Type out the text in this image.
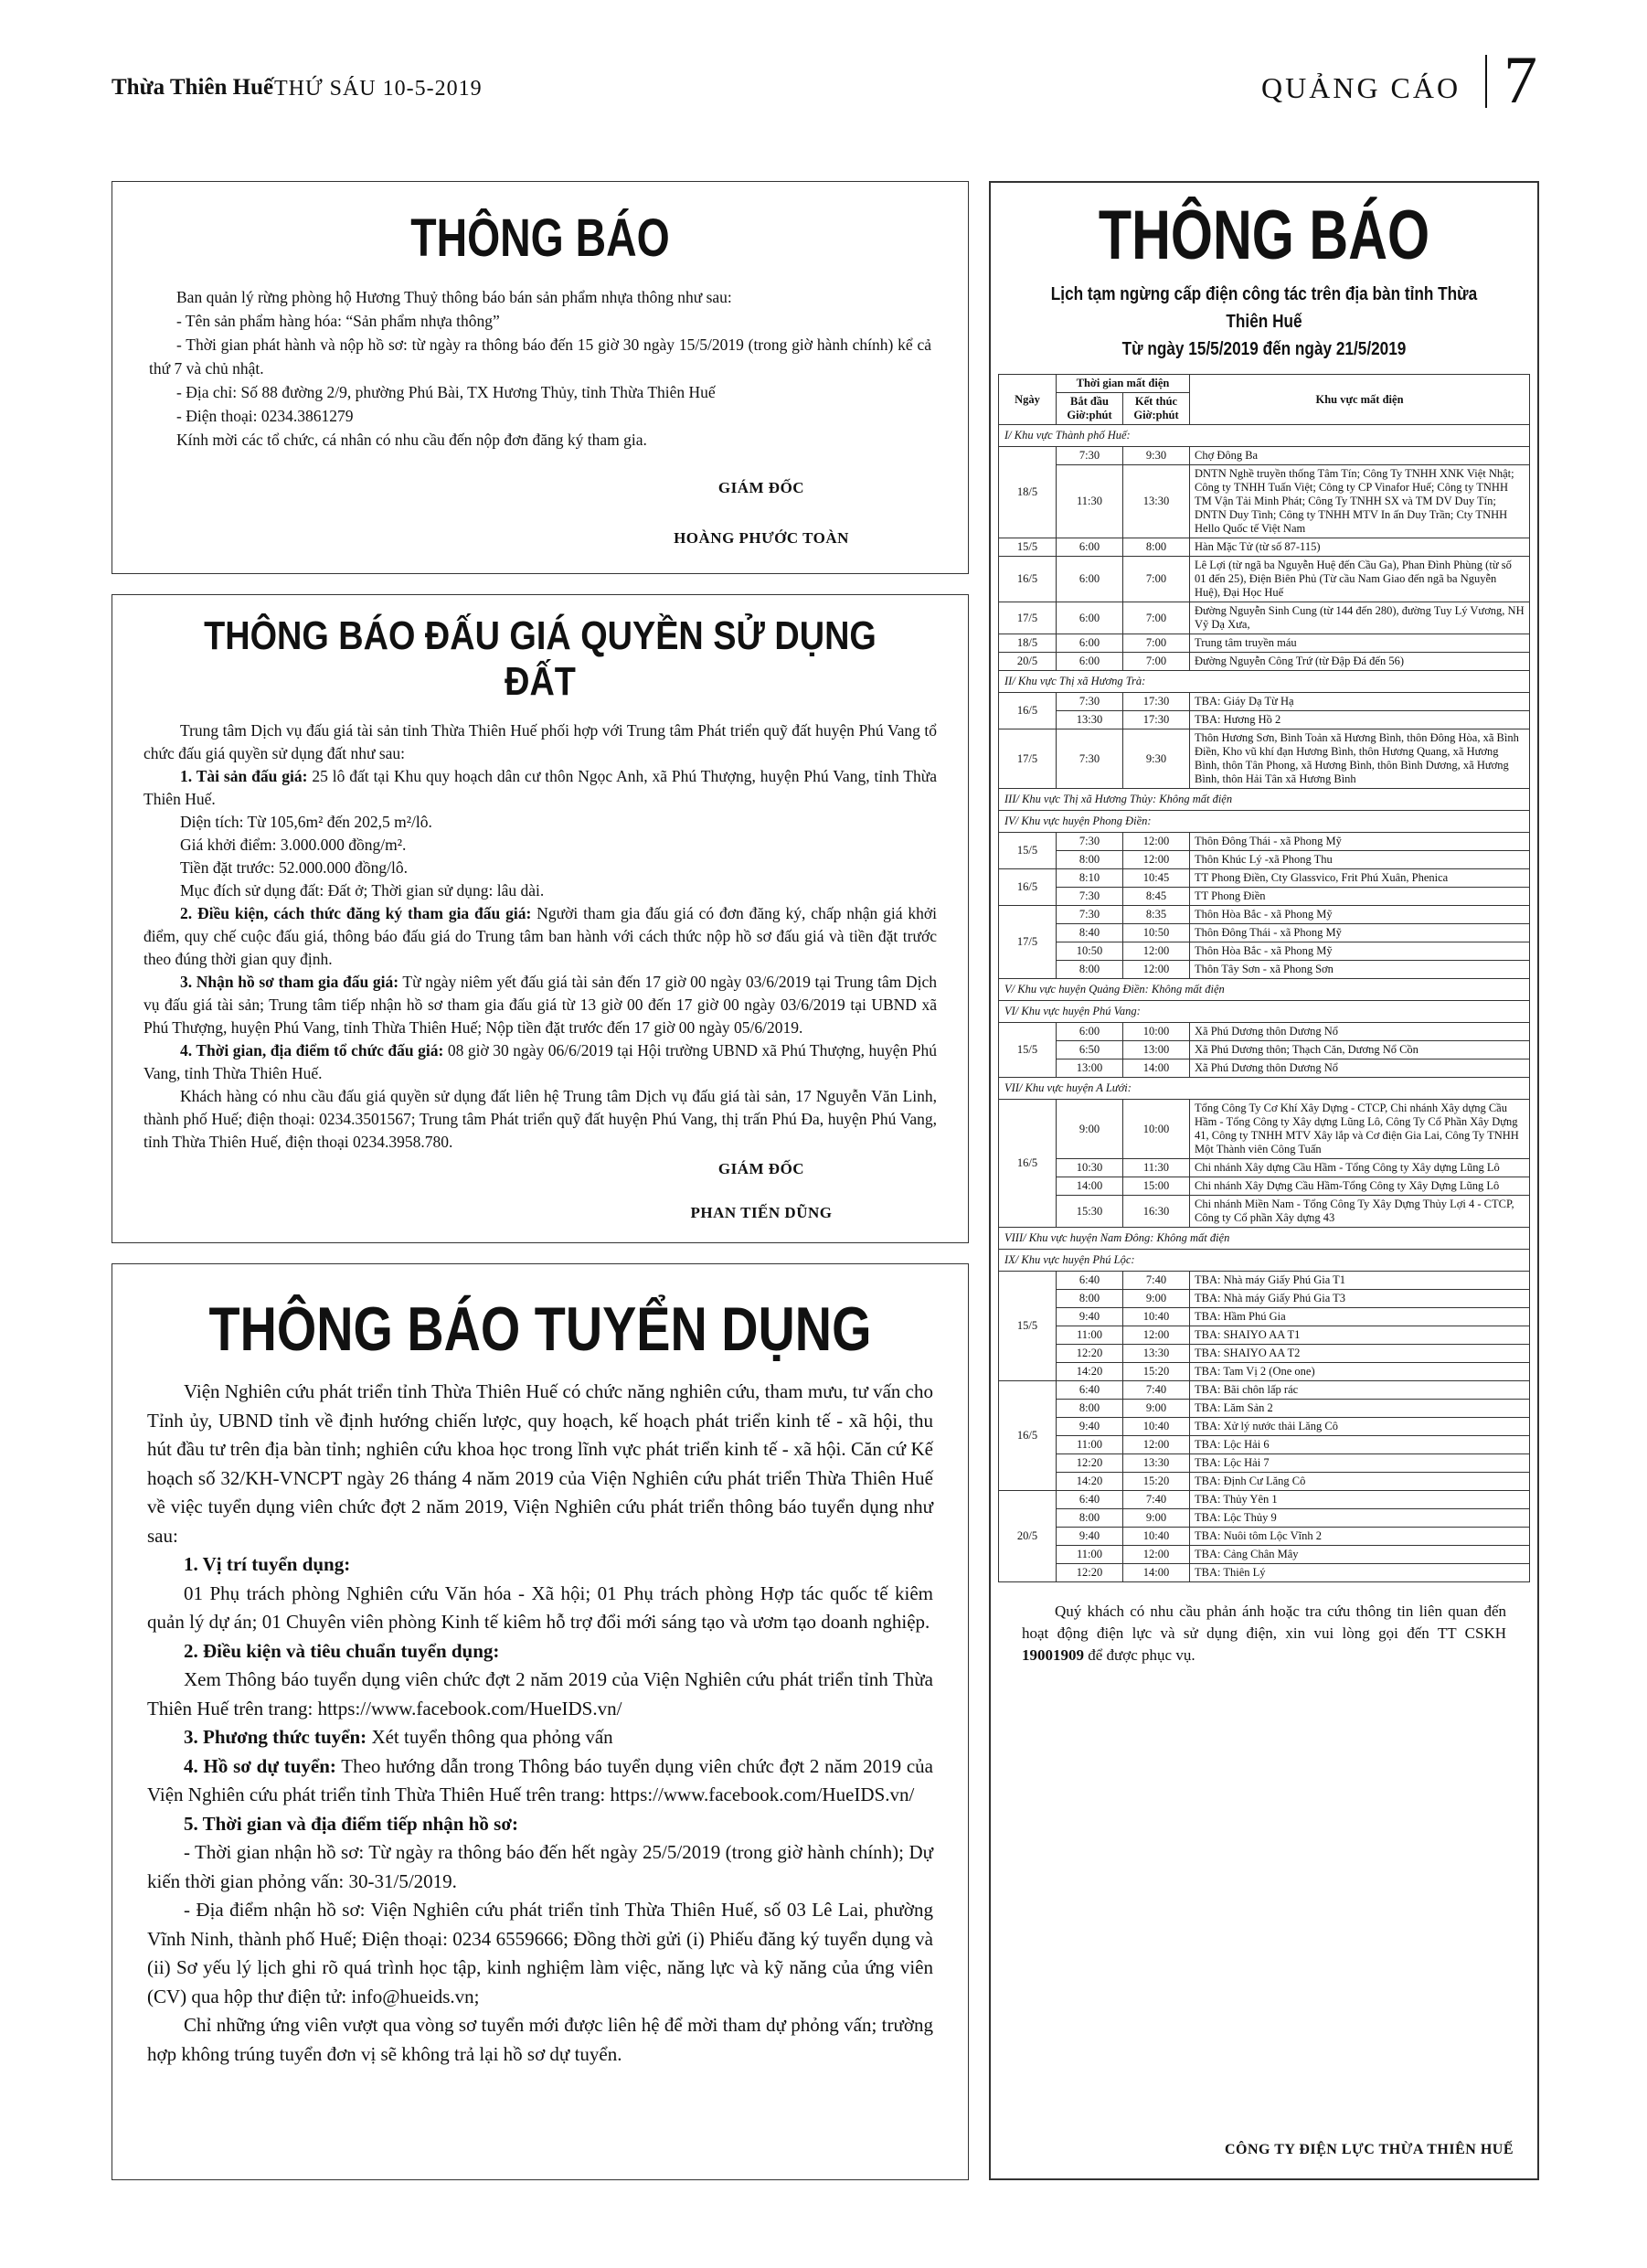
Thừa Thiên Huế THỨ SÁU 10-5-2019	QUẢNG CÁO 7
THÔNG BÁO

Ban quản lý rừng phòng hộ Hương Thuỷ thông báo bán sản phẩm nhựa thông như sau:

- Tên sản phẩm hàng hóa: “Sản phẩm nhựa thông”

- Thời gian phát hành và nộp hồ sơ: từ ngày ra thông báo đến 15 giờ 30 ngày 15/5/2019 (trong giờ hành chính) kể cả thứ 7 và chủ nhật.

- Địa chỉ: Số 88 đường 2/9, phường Phú Bài, TX Hương Thủy, tỉnh Thừa Thiên Huế

- Điện thoại: 0234.3861279

Kính mời các tổ chức, cá nhân có nhu cầu đến nộp đơn đăng ký tham gia.

GIÁM ĐỐC
HOÀNG PHƯỚC TOÀN
THÔNG BÁO ĐẤU GIÁ QUYỀN SỬ DỤNG ĐẤT

Trung tâm Dịch vụ đấu giá tài sản tỉnh Thừa Thiên Huế phối hợp với Trung tâm Phát triển quỹ đất huyện Phú Vang tổ chức đấu giá quyền sử dụng đất như sau:

1. Tài sản đấu giá: 25 lô đất tại Khu quy hoạch dân cư thôn Ngọc Anh, xã Phú Thượng, huyện Phú Vang, tỉnh Thừa Thiên Huế.

Diện tích: Từ 105,6m² đến 202,5 m²/lô.

Giá khởi điểm: 3.000.000 đồng/m².

Tiền đặt trước: 52.000.000 đồng/lô.

Mục đích sử dụng đất: Đất ở; Thời gian sử dụng: lâu dài.

2. Điều kiện, cách thức đăng ký tham gia đấu giá: Người tham gia đấu giá có đơn đăng ký, chấp nhận giá khởi điểm, quy chế cuộc đấu giá, thông báo đấu giá do Trung tâm ban hành với cách thức nộp hồ sơ đấu giá và tiền đặt trước theo đúng thời gian quy định.

3. Nhận hồ sơ tham gia đấu giá: Từ ngày niêm yết đấu giá tài sản đến 17 giờ 00 ngày 03/6/2019 tại Trung tâm Dịch vụ đấu giá tài sản; Trung tâm tiếp nhận hồ sơ tham gia đấu giá từ 13 giờ 00 đến 17 giờ 00 ngày 03/6/2019 tại UBND xã Phú Thượng, huyện Phú Vang, tỉnh Thừa Thiên Huế; Nộp tiền đặt trước đến 17 giờ 00 ngày 05/6/2019.

4. Thời gian, địa điểm tổ chức đấu giá: 08 giờ 30 ngày 06/6/2019 tại Hội trường UBND xã Phú Thượng, huyện Phú Vang, tỉnh Thừa Thiên Huế.

Khách hàng có nhu cầu đấu giá quyền sử dụng đất liên hệ Trung tâm Dịch vụ đấu giá tài sản, 17 Nguyễn Văn Linh, thành phố Huế; điện thoại: 0234.3501567; Trung tâm Phát triển quỹ đất huyện Phú Vang, thị trấn Phú Đa, huyện Phú Vang, tỉnh Thừa Thiên Huế, điện thoại 0234.3958.780.

GIÁM ĐỐC
PHAN TIẾN DŨNG
THÔNG BÁO TUYỂN DỤNG

Viện Nghiên cứu phát triển tỉnh Thừa Thiên Huế có chức năng nghiên cứu, tham mưu, tư vấn cho Tỉnh ủy, UBND tỉnh về định hướng chiến lược, quy hoạch, kế hoạch phát triển kinh tế - xã hội, thu hút đầu tư trên địa bàn tỉnh; nghiên cứu khoa học trong lĩnh vực phát triển kinh tế - xã hội. Căn cứ Kế hoạch số 32/KH-VNCPT ngày 26 tháng 4 năm 2019 của Viện Nghiên cứu phát triển Thừa Thiên Huế về việc tuyển dụng viên chức đợt 2 năm 2019, Viện Nghiên cứu phát triển thông báo tuyển dụng như sau:

1. Vị trí tuyển dụng:

01 Phụ trách phòng Nghiên cứu Văn hóa - Xã hội; 01 Phụ trách phòng Hợp tác quốc tế kiêm quản lý dự án; 01 Chuyên viên phòng Kinh tế kiêm hỗ trợ đổi mới sáng tạo và ươm tạo doanh nghiệp.

2. Điều kiện và tiêu chuẩn tuyển dụng:

Xem Thông báo tuyển dụng viên chức đợt 2 năm 2019 của Viện Nghiên cứu phát triển tỉnh Thừa Thiên Huế trên trang: https://www.facebook.com/HueIDS.vn/

3. Phương thức tuyển: Xét tuyển thông qua phỏng vấn

4. Hồ sơ dự tuyển: Theo hướng dẫn trong Thông báo tuyển dụng viên chức đợt 2 năm 2019 của Viện Nghiên cứu phát triển tỉnh Thừa Thiên Huế trên trang: https://www.facebook.com/HueIDS.vn/

5. Thời gian và địa điểm tiếp nhận hồ sơ:

- Thời gian nhận hồ sơ: Từ ngày ra thông báo đến hết ngày 25/5/2019 (trong giờ hành chính); Dự kiến thời gian phỏng vấn: 30-31/5/2019.

- Địa điểm nhận hồ sơ: Viện Nghiên cứu phát triển tỉnh Thừa Thiên Huế, số 03 Lê Lai, phường Vĩnh Ninh, thành phố Huế; Điện thoại: 0234 6559666; Đồng thời gửi (i) Phiếu đăng ký tuyển dụng và (ii) Sơ yếu lý lịch ghi rõ quá trình học tập, kinh nghiệm làm việc, năng lực và kỹ năng của ứng viên (CV) qua hộp thư điện tử: info@hueids.vn;

Chỉ những ứng viên vượt qua vòng sơ tuyển mới được liên hệ để mời tham dự phỏng vấn; trường hợp không trúng tuyển đơn vị sẽ không trả lại hồ sơ dự tuyển.

THÔNG BÁO
Lịch tạm ngừng cấp điện công tác trên địa bàn tỉnh Thừa Thiên Huế
Từ ngày 15/5/2019 đến ngày 21/5/2019
Ngày	Thời gian mất điện		Khu vực mất điện
	Bắt đầu Giờ:phút	Kết thúc Giờ:phút	
I/ Khu vực Thành phố Huế:			
18/5	7:30	9:30	Chợ Đông Ba
	11:30	13:30	DNTN Nghề truyền thống Tâm Tín; Công Ty TNHH XNK Việt Nhật; Công ty TNHH Tuấn Việt; Công ty CP Vinafor Huế; Công ty TNHH TM Vận Tải Minh Phát; Công Ty TNHH SX và TM DV Duy Tín; DNTN Duy Tình; Công ty TNHH MTV In ấn Duy Trần; Cty TNHH Hello Quốc tế Việt Nam
15/5	6:00	8:00	Hàn Mặc Tử (từ số 87-115)
16/5	6:00	7:00	Lê Lợi (từ ngã ba Nguyễn Huệ đến Cầu Ga), Phan Đình Phùng (từ số 01 đến 25), Điện Biên Phủ (Từ cầu Nam Giao đến ngã ba Nguyễn Huệ), Đại Học Huế
17/5	6:00	7:00	Đường Nguyễn Sinh Cung (từ 144 đến 280), đường Tuy Lý Vương, NH Vỹ Dạ Xưa,
18/5	6:00	7:00	Trung tâm truyền máu
20/5	6:00	7:00	Đường Nguyễn Công Trứ (từ Đập Đá đến 56)
II/ Khu vực Thị xã Hương Trà:			
16/5	7:30	17:30	TBA: Giáy Dạ Từ Hạ
	13:30	17:30	TBA: Hương Hồ 2
17/5	7:30	9:30	Thôn Hương Sơn, Bình Toản xã Hương Bình, thôn Đông Hòa, xã Bình Điền, Kho vũ khí đạn Hương Bình, thôn Hương Quang, xã Hương Bình, thôn Tân Phong, xã Hương Bình, thôn Bình Dương, xã Hương Bình, thôn Hải Tân xã Hương Bình
III/ Khu vực Thị xã Hương Thủy: Không mất điện			
IV/ Khu vực huyện Phong Điền:			
15/5	7:30	12:00	Thôn Đông Thái - xã Phong Mỹ
	8:00	12:00	Thôn Khúc Lý -xã Phong Thu
16/5	8:10	10:45	TT Phong Điền, Cty Glassvico, Frit Phú Xuân, Phenica
	7:30	8:45	TT Phong Điền
17/5	7:30	8:35	Thôn Hòa Bắc - xã Phong Mỹ
	8:40	10:50	Thôn Đông Thái - xã Phong Mỹ
	10:50	12:00	Thôn Hòa Bắc - xã Phong Mỹ
	8:00	12:00	Thôn Tây Sơn - xã Phong Sơn
V/ Khu vực huyện Quảng Điền: Không mất điện			
VI/ Khu vực huyện Phú Vang:			
15/5	6:00	10:00	Xã Phú Dương thôn Dương Nổ
	6:50	13:00	Xã Phú Dương thôn; Thạch Căn, Dương Nổ Cồn
	13:00	14:00	Xã Phú Dương thôn Dương Nổ
VII/ Khu vực huyện A Lưới:			
16/5	9:00	10:00	Tổng Công Ty Cơ Khí Xây Dựng - CTCP, Chi nhánh Xây dựng Cầu Hầm - Tổng Công ty Xây dựng Lũng Lô, Công Ty Cổ Phần Xây Dựng 41, Công ty TNHH MTV Xây lắp và Cơ điện Gia Lai, Công Ty TNHH Một Thành viên Công Tuấn
	10:30	11:30	Chi nhánh Xây dựng Cầu Hầm - Tổng Công ty Xây dựng Lũng Lô
	14:00	15:00	Chi nhánh Xây Dựng Cầu Hầm-Tổng Công ty Xây Dựng Lũng Lô
	15:30	16:30	Chi nhánh Miền Nam - Tổng Công Ty Xây Dựng Thủy Lợi 4 - CTCP, Công ty Cổ phần Xây dựng 43
VIII/ Khu vực huyện Nam Đông: Không mất điện			
IX/ Khu vực huyện Phú Lộc:			
15/5	6:40	7:40	TBA: Nhà máy Giấy Phú Gia T1
	8:00	9:00	TBA: Nhà máy Giấy Phú Gia T3
	9:40	10:40	TBA: Hầm Phú Gia
	11:00	12:00	TBA: SHAIYO AA T1
	12:20	13:30	TBA: SHAIYO AA T2
	14:20	15:20	TBA: Tam Vị 2 (One one)
16/5	6:40	7:40	TBA: Bãi chôn lấp rác
	8:00	9:00	TBA: Lăm Sản 2
	9:40	10:40	TBA: Xử lý nước thải Lăng Cô
	11:00	12:00	TBA: Lộc Hải 6
	12:20	13:30	TBA: Lộc Hải 7
	14:20	15:20	TBA: Định Cư Lăng Cô
20/5	6:40	7:40	TBA: Thủy Yên 1
	8:00	9:00	TBA: Lộc Thủy 9
	9:40	10:40	TBA: Nuôi tôm Lộc Vĩnh 2
	11:00	12:00	TBA: Cảng Chân Mây
	12:20	14:00	TBA: Thiên Lý
Quý khách có nhu cầu phản ánh hoặc tra cứu thông tin liên quan đến hoạt động điện lực và sử dụng điện, xin vui lòng gọi đến TT CSKH 19001909 để được phục vụ.
CÔNG TY ĐIỆN LỰC THỪA THIÊN HUẾ
